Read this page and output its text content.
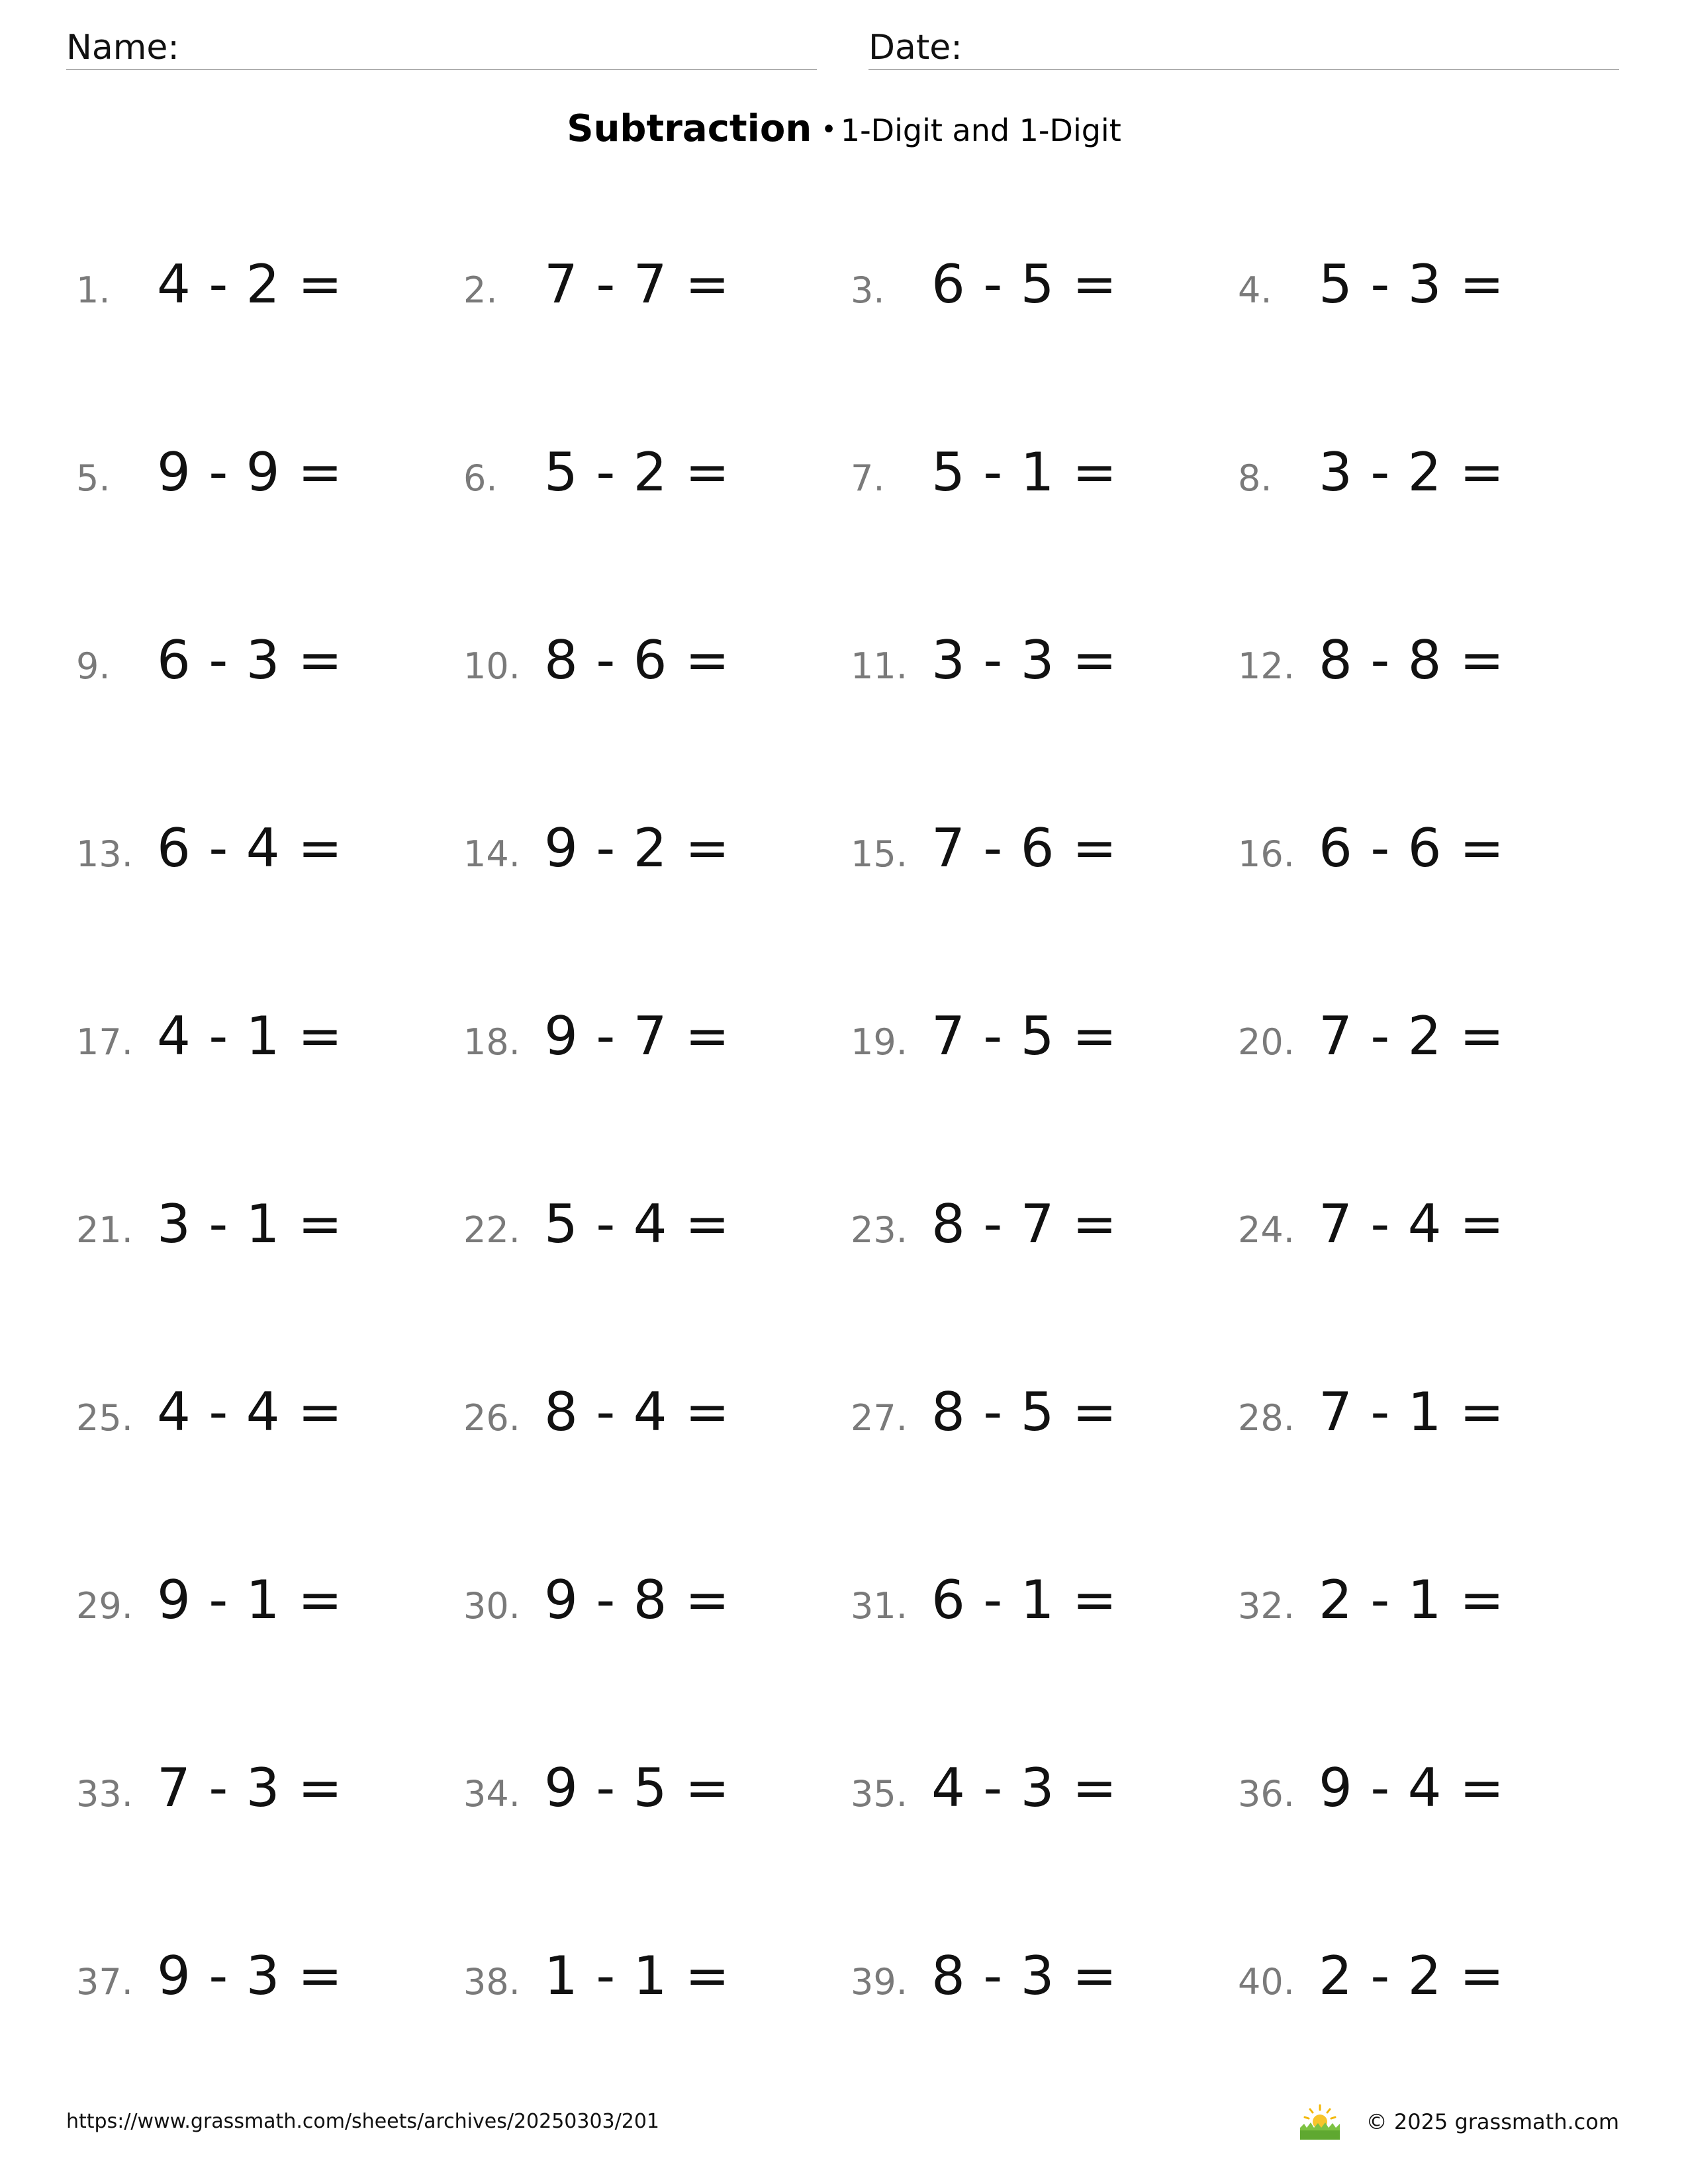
Name:	Date:
Subtraction • 1-Digit and 1-Digit
1. 4 - 2 =	2. 7 - 7 =	3. 6 - 5 =	4. 5 - 3 =
5. 9 - 9 =	6. 5 - 2 =	7. 5 - 1 =	8. 3 - 2 =
9. 6 - 3 =	10. 8 - 6 =	11. 3 - 3 =	12. 8 - 8 =
13. 6 - 4 =	14. 9 - 2 =	15. 7 - 6 =	16. 6 - 6 =
17. 4 - 1 =	18. 9 - 7 =	19. 7 - 5 =	20. 7 - 2 =
21. 3 - 1 =	22. 5 - 4 =	23. 8 - 7 =	24. 7 - 4 =
25. 4 - 4 =	26. 8 - 4 =	27. 8 - 5 =	28. 7 - 1 =
29. 9 - 1 =	30. 9 - 8 =	31. 6 - 1 =	32. 2 - 1 =
33. 7 - 3 =	34. 9 - 5 =	35. 4 - 3 =	36. 9 - 4 =
37. 9 - 3 =	38. 1 - 1 =	39. 8 - 3 =	40. 2 - 2 =
https://www.grassmath.com/sheets/archives/20250303/201	© 2025 grassmath.com
